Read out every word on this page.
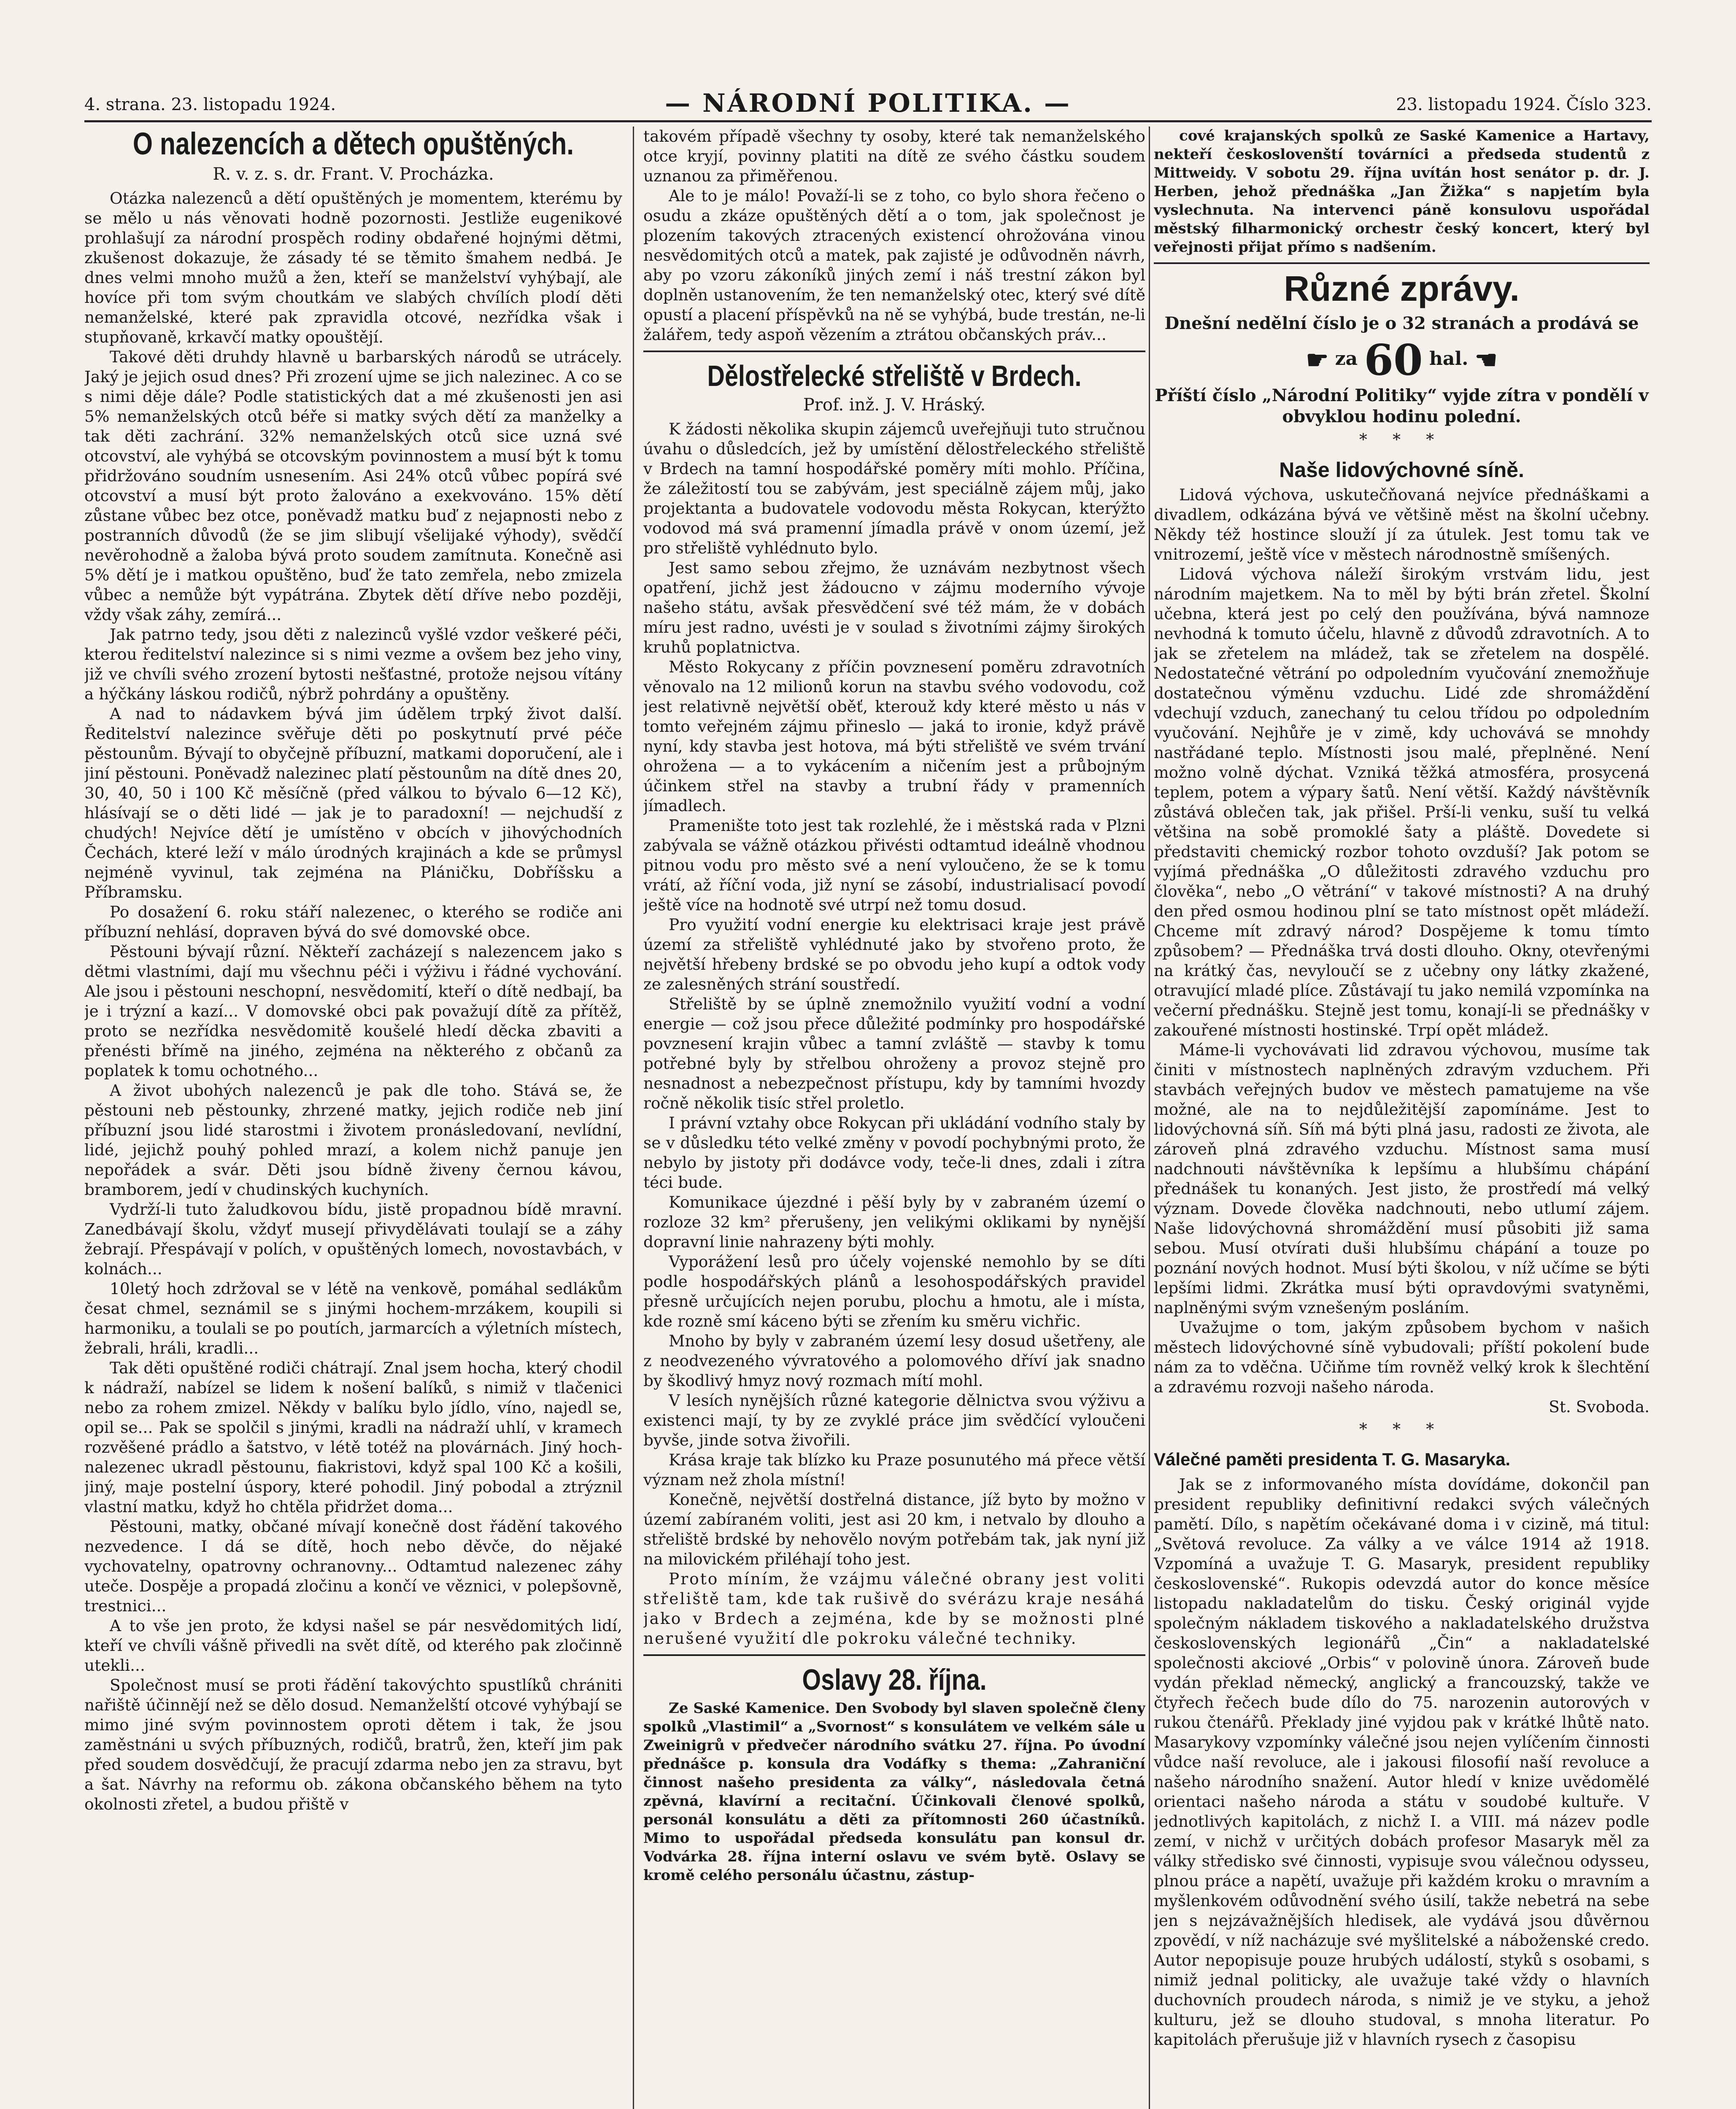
4. strana. 23. listopadu 1924.	— NÁRODNÍ POLITIKA. —	23. listopadu 1924. Číslo 323.
O nalezencích a dětech opuštěných.
R. v. z. s. dr. Frant. V. Procházka.

Otázka nalezenců a dětí opuštěných je momentem, kterému by se mělo u nás věnovati hodně pozornosti. Jestliže eugenikové prohlašují za národní prospěch rodiny obdařené hojnými dětmi, zkušenost dokazuje, že zásady té se těmito šmahem nedbá. Je dnes velmi mnoho mužů a žen, kteří se manželství vyhýbají, ale hovíce při tom svým choutkám ve slabých chvílích plodí děti nemanželské, které pak zpravidla otcové, nezřídka však i stupňovaně, krkavčí matky opouštějí.

Takové děti druhdy hlavně u barbarských národů se utrácely. Jaký je jejich osud dnes? Při zrození ujme se jich nalezinec. A co se s nimi děje dále? Podle statistických dat a mé zkušenosti jen asi 5% nemanželských otců béře si matky svých dětí za manželky a tak děti zachrání. 32% nemanželských otců sice uzná své otcovství, ale vyhýbá se otcovským povinnostem a musí být k tomu přidržováno soudním usnesením. Asi 24% otců vůbec popírá své otcovství a musí být proto žalováno a exekvováno. 15% dětí zůstane vůbec bez otce, poněvadž matku buď z nejapnosti nebo z postranních důvodů (že se jim slibují všelijaké výhody), svědčí nevěrohodně a žaloba bývá proto soudem zamítnuta. Konečně asi 5% dětí je i matkou opuštěno, buď že tato zemřela, nebo zmizela vůbec a nemůže být vypátrána. Zbytek dětí dříve nebo později, vždy však záhy, zemírá...

Jak patrno tedy, jsou děti z nalezinců vyšlé vzdor veškeré péči, kterou ředitelství nalezince si s nimi vezme a ovšem bez jeho viny, již ve chvíli svého zrození bytosti nešťastné, protože nejsou vítány a hýčkány láskou rodičů, nýbrž pohrdány a opuštěny.

A nad to nádavkem bývá jim údělem trpký život další. Ředitelství nalezince svěřuje děti po poskytnutí prvé péče pěstounům. Bývají to obyčejně příbuzní, matkami doporučení, ale i jiní pěstouni. Poněvadž nalezinec platí pěstounům na dítě dnes 20, 30, 40, 50 i 100 Kč měsíčně (před válkou to bývalo 6—12 Kč), hlásívají se o děti lidé — jak je to paradoxní! — nejchudší z chudých! Nejvíce dětí je umístěno v obcích v jihovýchodních Čechách, které leží v málo úrodných krajinách a kde se průmysl nejméně vyvinul, tak zejména na Pláničku, Dobříšsku a Příbramsku.

Po dosažení 6. roku stáří nalezenec, o kterého se rodiče ani příbuzní nehlásí, dopraven bývá do své domovské obce.

Pěstouni bývají různí. Někteří zacházejí s nalezencem jako s dětmi vlastními, dají mu všechnu péči i výživu i řádné vychování. Ale jsou i pěstouni neschopní, nesvědomití, kteří o dítě nedbají, ba je i trýzní a kazí... V domovské obci pak považují dítě za přítěž, proto se nezřídka nesvědomitě koušelé hledí děcka zbaviti a přenésti břímě na jiného, zejména na některého z občanů za poplatek k tomu ochotného...

A život ubohých nalezenců je pak dle toho. Stává se, že pěstouni neb pěstounky, zhrzené matky, jejich rodiče neb jiní příbuzní jsou lidé starostmi i životem pronásledovaní, nevlídní, lidé, jejichž pouhý pohled mrazí, a kolem nichž panuje jen nepořádek a svár. Děti jsou bídně živeny černou kávou, bramborem, jedí v chudinských kuchyních.

Vydrží-li tuto žaludkovou bídu, jistě propadnou bídě mravní. Zanedbávají školu, vždyť musejí přivydělávati toulají se a záhy žebrají. Přespávají v polích, v opuštěných lomech, novostavbách, v kolnách...

10letý hoch zdržoval se v létě na venkově, pomáhal sedlákům česat chmel, seznámil se s jinými hochem-mrzákem, koupili si harmoniku, a toulali se po poutích, jarmarcích a výletních místech, žebrali, hráli, kradli...

Tak děti opuštěné rodiči chátrají. Znal jsem hocha, který chodil k nádraží, nabízel se lidem k nošení balíků, s nimiž v tlačenici nebo za rohem zmizel. Někdy v balíku bylo jídlo, víno, najedl se, opil se... Pak se spolčil s jinými, kradli na nádraží uhlí, v kramech rozvěšené prádlo a šatstvo, v létě totéž na plovárnách. Jiný hoch-nalezenec ukradl pěstounu, fiakristovi, když spal 100 Kč a košili, jiný, maje postelní úspory, které pohodil. Jiný pobodal a ztrýznil vlastní matku, když ho chtěla přidržet doma...

Pěstouni, matky, občané mívají konečně dost řádění takového nezvedence. I dá se dítě, hoch nebo děvče, do nějaké vychovatelny, opatrovny ochranovny... Odtamtud nalezenec záhy uteče. Dospěje a propadá zločinu a končí ve věznici, v polepšovně, trestnici...

A to vše jen proto, že kdysi našel se pár nesvědomitých lidí, kteří ve chvíli vášně přivedli na svět dítě, od kterého pak zločinně utekli...

Společnost musí se proti řádění takovýchto spustlíků chrániti nařiště účinnějí než se dělo dosud. Nemanželští otcové vyhýbají se mimo jiné svým povinnostem oproti dětem i tak, že jsou zaměstnáni u svých příbuzných, rodičů, bratrů, žen, kteří jim pak před soudem dosvědčují, že pracují zdarma nebo jen za stravu, byt a šat. Návrhy na reformu ob. zákona občanského během na tyto okolnosti zřetel, a budou přiště v

takovém případě všechny ty osoby, které tak nemanželského otce kryjí, povinny platiti na dítě ze svého částku soudem uznanou za přiměřenou.

Ale to je málo! Považí-li se z toho, co bylo shora řečeno o osudu a zkáze opuštěných dětí a o tom, jak společnost je plozením takových ztracených existencí ohrožována vinou nesvědomitých otců a matek, pak zajisté je odůvodněn návrh, aby po vzoru zákoníků jiných zemí i náš trestní zákon byl doplněn ustanovením, že ten nemanželský otec, který své dítě opustí a placení příspěvků na ně se vyhýbá, bude trestán, ne-li žalářem, tedy aspoň vězením a ztrátou občanských práv...

Dělostřelecké střeliště v Brdech.
Prof. inž. J. V. Hráský.

K žádosti několika skupin zájemců uveřejňuji tuto stručnou úvahu o důsledcích, jež by umístění dělostřeleckého střeliště v Brdech na tamní hospodářské poměry míti mohlo. Příčina, že záležitostí tou se zabývám, jest speciálně zájem můj, jako projektanta a budovatele vodovodu města Rokycan, kterýžto vodovod má svá pramenní jímadla právě v onom území, jež pro střeliště vyhlédnuto bylo.

Jest samo sebou zřejmo, že uznávám nezbytnost všech opatření, jichž jest žádoucno v zájmu moderního vývoje našeho státu, avšak přesvědčení své též mám, že v dobách míru jest radno, uvésti je v soulad s životními zájmy širokých kruhů poplatnictva.

Město Rokycany z příčin povznesení poměru zdravotních věnovalo na 12 milionů korun na stavbu svého vodovodu, což jest relativně největší oběť, kterouž kdy které město u nás v tomto veřejném zájmu přineslo — jaká to ironie, když právě nyní, kdy stavba jest hotova, má býti střeliště ve svém trvání ohrožena — a to vykácením a ničením jest a průbojným účinkem střel na stavby a trubní řády v pramenních jímadlech.

Pramenište toto jest tak rozlehlé, že i městská rada v Plzni zabývala se vážně otázkou přivésti odtamtud ideálně vhodnou pitnou vodu pro město své a není vyloučeno, že se k tomu vrátí, až říční voda, již nyní se zásobí, industrialisací povodí ještě více na hodnotě své utrpí než tomu dosud.

Pro využití vodní energie ku elektrisaci kraje jest právě území za střeliště vyhlédnuté jako by stvořeno proto, že největší hřebeny brdské se po obvodu jeho kupí a odtok vody ze zalesněných strání soustředí.

Střeliště by se úplně znemožnilo využití vodní a vodní energie — což jsou přece důležité podmínky pro hospodářské povznesení krajin vůbec a tamní zvláště — stavby k tomu potřebné byly by střelbou ohroženy a provoz stejně pro nesnadnost a nebezpečnost přístupu, kdy by tamními hvozdy ročně několik tisíc střel proletlo.

I právní vztahy obce Rokycan při ukládání vodního staly by se v důsledku této velké změny v povodí pochybnými proto, že nebylo by jistoty při dodávce vody, teče-li dnes, zdali i zítra téci bude.

Komunikace újezdné i pěší byly by v zabraném území o rozloze 32 km² přerušeny, jen velikými oklikami by nynější dopravní linie nahrazeny býti mohly.

Vyporážení lesů pro účely vojenské nemohlo by se díti podle hospodářských plánů a lesohospodářských pravidel přesně určujících nejen porubu, plochu a hmotu, ale i místa, kde rozně smí káceno býti se zřením ku směru vichřic.

Mnoho by byly v zabraném území lesy dosud ušetřeny, ale z neodvezeného vývratového a polomového dříví jak snadno by škodlivý hmyz nový rozmach mítí mohl.

V lesích nynějších různé kategorie dělnictva svou výživu a existenci mají, ty by ze zvyklé práce jim svědčící vyloučeni byvše, jinde sotva živořili.

Krása kraje tak blízko ku Praze posunutého má přece větší význam než zhola místní!

Konečně, největší dostřelná distance, jíž byto by možno v území zabíraném voliti, jest asi 20 km, i netvalo by dlouho a střeliště brdské by nehovělo novým potřebám tak, jak nyní již na milovickém přiléhají toho jest.

Proto míním, že vzájmu válečné obrany jest voliti střeliště tam, kde tak rušivě do svérázu kraje nesáhá jako v Brdech a zejména, kde by se možnosti plné nerušené využití dle pokroku válečné techniky.

Oslavy 28. října.

Ze Saské Kamenice. Den Svobody byl slaven společně členy spolků „Vlastimil“ a „Svornost“ s konsulátem ve velkém sále u Zweinigrů v předvečer národního svátku 27. října. Po úvodní přednášce p. konsula dra Vodáfky s thema: „Zahraniční činnost našeho presidenta za války“, následovala četná zpěvná, klavírní a recitační. Účinkovali členové spolků, personál konsulátu a děti za přítomnosti 260 účastníků. Mimo to uspořádal předseda konsulátu pan konsul dr. Vodvárka 28. října interní oslavu ve svém bytě. Oslavy se kromě celého personálu účastnu, zástup-

cové krajanských spolků ze Saské Kamenice a Hartavy, nekteří českoslovenští továrníci a předseda studentů z Mittweidy. V sobotu 29. října uvítán host senátor p. dr. J. Herben, jehož přednáška „Jan Žižka“ s napjetím byla vyslechnuta. Na intervenci páně konsulovu uspořádal městský filharmonický orchestr český koncert, který byl veřejnosti přijat přímo s nadšením.

Různé zprávy.
Dnešní nedělní číslo je o 32 stranách a prodává se
☛ za 60 hal. ☚
Příští číslo „Národní Politiky“ vyjde zítra v pondělí v obvyklou hodinu polední.
* * *
Naše lidovýchovné síně.

Lidová výchova, uskutečňovaná nejvíce přednáškami a divadlem, odkázána bývá ve většině měst na školní učebny. Někdy též hostince slouží jí za útulek. Jest tomu tak ve vnitrozemí, ještě více v městech národnostně smíšených.

Lidová výchova náleží širokým vrstvám lidu, jest národním majetkem. Na to měl by býti brán zřetel. Školní učebna, která jest po celý den používána, bývá namnoze nevhodná k tomuto účelu, hlavně z důvodů zdravotních. A to jak se zřetelem na mládež, tak se zřetelem na dospělé. Nedostatečné větrání po odpoledním vyučování znemožňuje dostatečnou výměnu vzduchu. Lidé zde shromáždění vdechují vzduch, zanechaný tu celou třídou po odpoledním vyučování. Nejhůře je v zimě, kdy uchovává se mnohdy nastřádané teplo. Místnosti jsou malé, přeplněné. Není možno volně dýchat. Vzniká těžká atmosféra, prosycená teplem, potem a výpary šatů. Není větší. Každý návštěvník zůstává oblečen tak, jak přišel. Prší-li venku, suší tu velká většina na sobě promoklé šaty a pláště. Dovedete si představiti chemický rozbor tohoto ovzduší? Jak potom se vyjímá přednáška „O důležitosti zdravého vzduchu pro člověka“, nebo „O větrání“ v takové místnosti? A na druhý den před osmou hodinou plní se tato místnost opět mládeží. Chceme mít zdravý národ? Dospějeme k tomu tímto způsobem? — Přednáška trvá dosti dlouho. Okny, otevřenými na krátký čas, nevyloučí se z učebny ony látky zkažené, otravující mladé plíce. Zůstávají tu jako nemilá vzpomínka na večerní přednášku. Stejně jest tomu, konají-li se přednášky v zakouřené místnosti hostinské. Trpí opět mládež.

Máme-li vychovávati lid zdravou výchovou, musíme tak činiti v místnostech naplněných zdravým vzduchem. Při stavbách veřejných budov ve městech pamatujeme na vše možné, ale na to nejdůležitější zapomínáme. Jest to lidovýchovná síň. Síň má býti plná jasu, radosti ze života, ale zároveň plná zdravého vzduchu. Místnost sama musí nadchnouti návštěvníka k lepšímu a hlubšímu chápání přednášek tu konaných. Jest jisto, že prostředí má velký význam. Dovede člověka nadchnouti, nebo utlumí zájem. Naše lidovýchovná shromáždění musí působiti již sama sebou. Musí otvírati duši hlubšímu chápání a touze po poznání nových hodnot. Musí býti školou, v níž učíme se býti lepšími lidmi. Zkrátka musí býti opravdovými svatyněmi, naplněnými svým vznešeným posláním.

Uvažujme o tom, jakým způsobem bychom v našich městech lidovýchovné síně vybudovali; příští pokolení bude nám za to vděčna. Učiňme tím rovněž velký krok k šlechtění a zdravému rozvoji našeho národa.

St. Svoboda.
* * *
Válečné paměti presidenta T. G. Masaryka.

Jak se z informovaného místa dovídáme, dokončil pan president republiky definitivní redakci svých válečných pamětí. Dílo, s napětím očekávané doma i v cizině, má titul: „Světová revoluce. Za války a ve válce 1914 až 1918. Vzpomíná a uvažuje T. G. Masaryk, president republiky československé“. Rukopis odevzdá autor do konce měsíce listopadu nakladatelům do tisku. Český originál vyjde společným nákladem tiskového a nakladatelského družstva československých legionářů „Čin“ a nakladatelské společnosti akciové „Orbis“ v polovině února. Zároveň bude vydán překlad německý, anglický a francouzský, takže ve čtyřech řečech bude dílo do 75. narozenin autorových v rukou čtenářů. Překlady jiné vyjdou pak v krátké lhůtě nato. Masarykovy vzpomínky válečné jsou nejen vylíčením činnosti vůdce naší revoluce, ale i jakousi filosofií naší revoluce a našeho národního snažení. Autor hledí v knize uvědomělé orientaci našeho národa a státu v soudobé kultuře. V jednotlivých kapitolách, z nichž I. a VIII. má název podle zemí, v nichž v určitých dobách profesor Masaryk měl za války středisko své činnosti, vypisuje svou válečnou odysseu, plnou práce a napětí, uvažuje při každém kroku o mravním a myšlenkovém odůvodnění svého úsilí, takže nebetrá na sebe jen s nejzávažnějších hledisek, ale vydává jsou důvěrnou zpovědí, v níž nacházuje své myšlitelské a náboženské credo. Autor nepopisuje pouze hrubých událostí, styků s osobami, s nimiž jednal politicky, ale uvažuje také vždy o hlavních duchovních proudech národa, s nimiž je ve styku, a jehož kulturu, jež se dlouho studoval, s mnoha literatur. Po kapitolách přerušuje již v hlavních rysech z časopisu
